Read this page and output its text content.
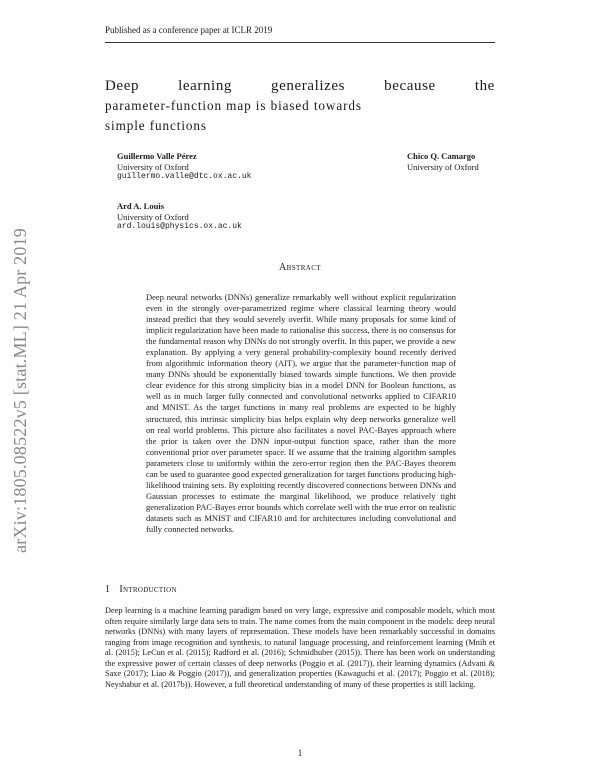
Published as a conference paper at ICLR 2019
Deep	learning	generalizes	because	the
parameter-function map is biased towards
simple functions
Guillermo Valle Pérez
University of Oxford
guillermo.valle@dtc.ox.ac.uk
Chico Q. Camargo
University of Oxford
Ard A. Louis
University of Oxford
ard.louis@physics.ox.ac.uk
Abstract
Deep neural networks (DNNs) generalize remarkably well without explicit regularization even in the strongly over-parametrized regime where classical learning theory would instead predict that they would severely overfit. While many proposals for some kind of implicit regularization have been made to rationalise this success, there is no consensus for the fundamental reason why DNNs do not strongly overfit. In this paper, we provide a new explanation. By applying a very general probability-complexity bound recently derived from algorithmic information theory (AIT), we argue that the parameter-function map of many DNNs should be exponentially biased towards simple functions. We then provide clear evidence for this strong simplicity bias in a model DNN for Boolean functions, as well as in much larger fully connected and convolutional networks applied to CIFAR10 and MNIST. As the target functions in many real problems are expected to be highly structured, this intrinsic simplicity bias helps explain why deep networks generalize well on real world problems. This picture also facilitates a novel PAC-Bayes approach where the prior is taken over the DNN input-output function space, rather than the more conventional prior over parameter space. If we assume that the training algorithm samples parameters close to uniformly within the zero-error region then the PAC-Bayes theorem can be used to guarantee good expected generalization for target functions producing high-likelihood training sets. By exploiting recently discovered connections between DNNs and Gaussian processes to estimate the marginal likelihood, we produce relatively tight generalization PAC-Bayes error bounds which correlate well with the true error on realistic datasets such as MNIST and CIFAR10 and for architectures including convolutional and fully connected networks.
1 Introduction
Deep learning is a machine learning paradigm based on very large, expressive and composable models, which most often require similarly large data sets to train. The name comes from the main component in the models: deep neural networks (DNNs) with many layers of representation. These models have been remarkably successful in domains ranging from image recognition and synthesis, to natural language processing, and reinforcement learning (Mnih et al. (2015); LeCun et al. (2015); Radford et al. (2016); Schmidhuber (2015)). There has been work on understanding the expressive power of certain classes of deep networks (Poggio et al. (2017)), their learning dynamics (Advani & Saxe (2017); Liao & Poggio (2017)), and generalization properties (Kawaguchi et al. (2017); Poggio et al. (2018); Neyshabur et al. (2017b)). However, a full theoretical understanding of many of these properties is still lacking.
1
arXiv:1805.08522v5 [stat.ML] 21 Apr 2019
